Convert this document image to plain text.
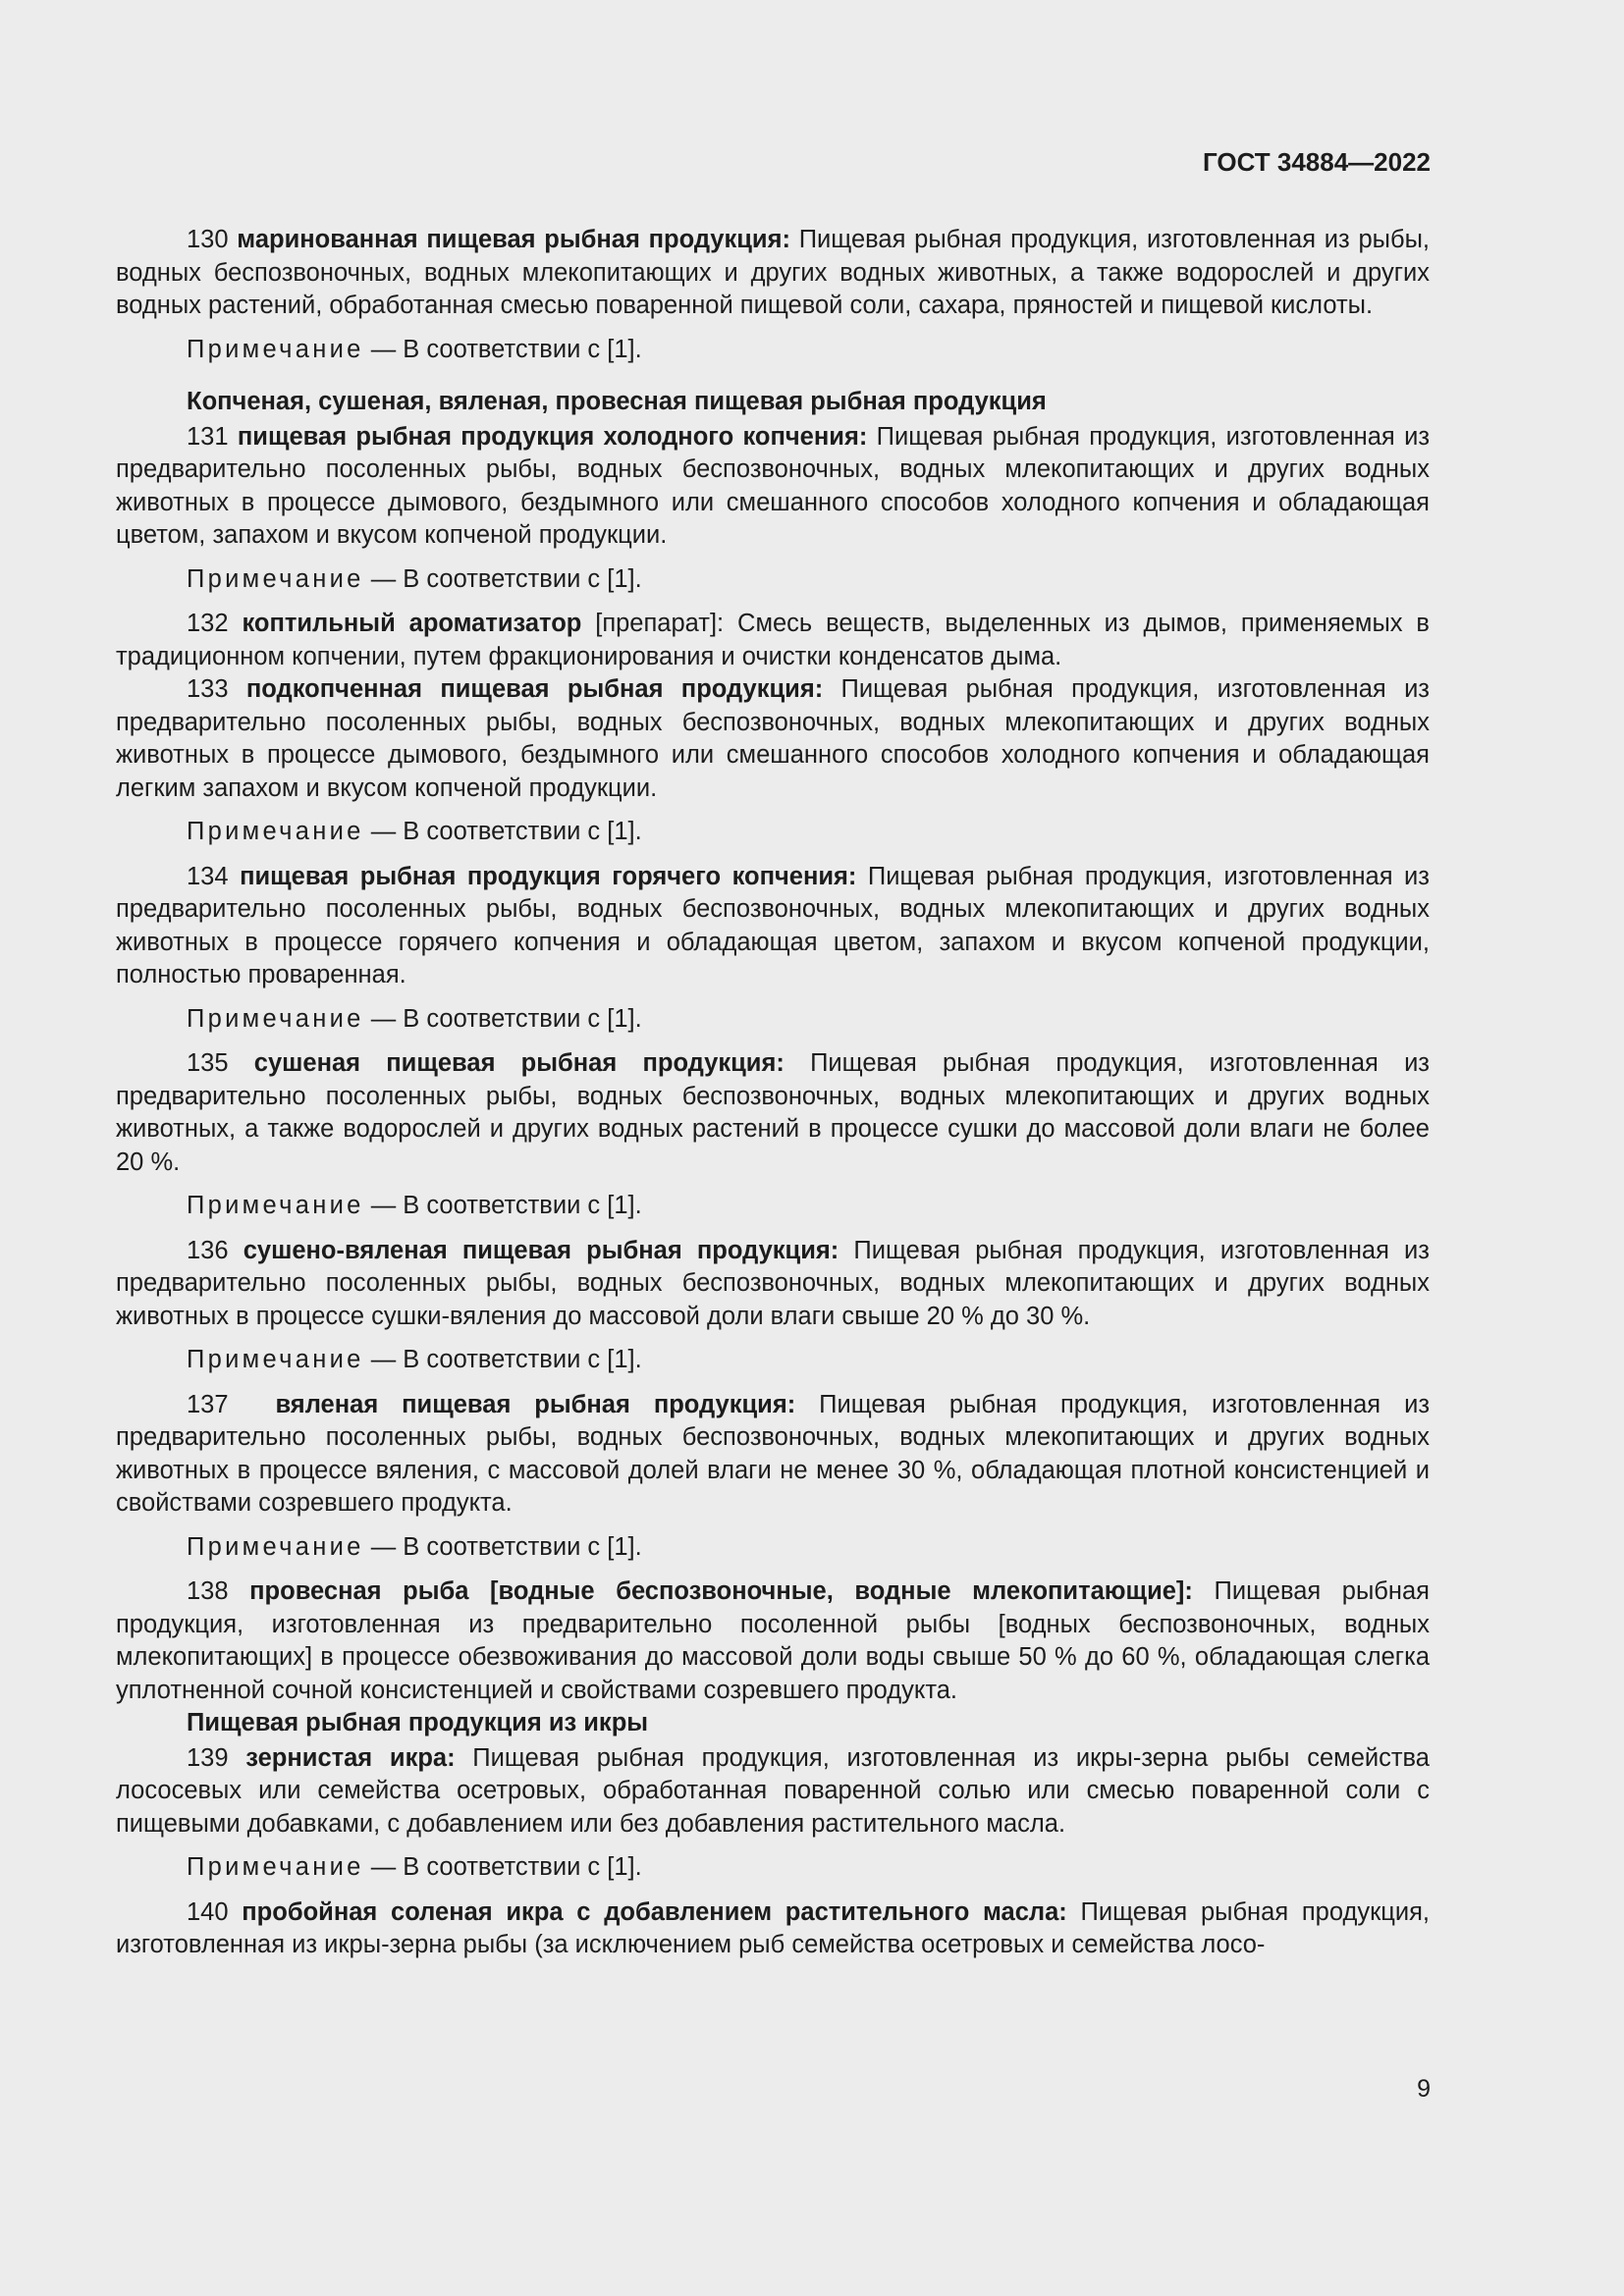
ГОСТ 34884—2022

130 маринованная пищевая рыбная продукция: Пищевая рыбная продукция, изготовленная из рыбы, водных беспозвоночных, водных млекопитающих и других водных животных, а также водорослей и других водных растений, обработанная смесью поваренной пищевой соли, сахара, пряностей и пищевой кислоты.

Примечание — В соответствии с [1].

Копченая, сушеная, вяленая, провесная пищевая рыбная продукция

131 пищевая рыбная продукция холодного копчения: Пищевая рыбная продукция, изготовленная из предварительно посоленных рыбы, водных беспозвоночных, водных млекопитающих и других водных животных в процессе дымового, бездымного или смешанного способов холодного копчения и обладающая цветом, запахом и вкусом копченой продукции.

Примечание — В соответствии с [1].

132 коптильный ароматизатор [препарат]: Смесь веществ, выделенных из дымов, применяемых в традиционном копчении, путем фракционирования и очистки конденсатов дыма.

133 подкопченная пищевая рыбная продукция: Пищевая рыбная продукция, изготовленная из предварительно посоленных рыбы, водных беспозвоночных, водных млекопитающих и других водных животных в процессе дымового, бездымного или смешанного способов холодного копчения и обладающая легким запахом и вкусом копченой продукции.

Примечание — В соответствии с [1].

134 пищевая рыбная продукция горячего копчения: Пищевая рыбная продукция, изготовленная из предварительно посоленных рыбы, водных беспозвоночных, водных млекопитающих и других водных животных в процессе горячего копчения и обладающая цветом, запахом и вкусом копченой продукции, полностью проваренная.

Примечание — В соответствии с [1].

135 сушеная пищевая рыбная продукция: Пищевая рыбная продукция, изготовленная из предварительно посоленных рыбы, водных беспозвоночных, водных млекопитающих и других водных животных, а также водорослей и других водных растений в процессе сушки до массовой доли влаги не более 20 %.

Примечание — В соответствии с [1].

136 сушено-вяленая пищевая рыбная продукция: Пищевая рыбная продукция, изготовленная из предварительно посоленных рыбы, водных беспозвоночных, водных млекопитающих и других водных животных в процессе сушки-вяления до массовой доли влаги свыше 20 % до 30 %.

Примечание — В соответствии с [1].

137 вяленая пищевая рыбная продукция: Пищевая рыбная продукция, изготовленная из предварительно посоленных рыбы, водных беспозвоночных, водных млекопитающих и других водных животных в процессе вяления, с массовой долей влаги не менее 30 %, обладающая плотной консистенцией и свойствами созревшего продукта.

Примечание — В соответствии с [1].

138 провесная рыба [водные беспозвоночные, водные млекопитающие]: Пищевая рыбная продукция, изготовленная из предварительно посоленной рыбы [водных беспозвоночных, водных млекопитающих] в процессе обезвоживания до массовой доли воды свыше 50 % до 60 %, обладающая слегка уплотненной сочной консистенцией и свойствами созревшего продукта.

Пищевая рыбная продукция из икры

139 зернистая икра: Пищевая рыбная продукция, изготовленная из икры-зерна рыбы семейства лососевых или семейства осетровых, обработанная поваренной солью или смесью поваренной соли с пищевыми добавками, с добавлением или без добавления растительного масла.

Примечание — В соответствии с [1].

140 пробойная соленая икра с добавлением растительного масла: Пищевая рыбная продукция, изготовленная из икры-зерна рыбы (за исключением рыб семейства осетровых и семейства лосо-

9
